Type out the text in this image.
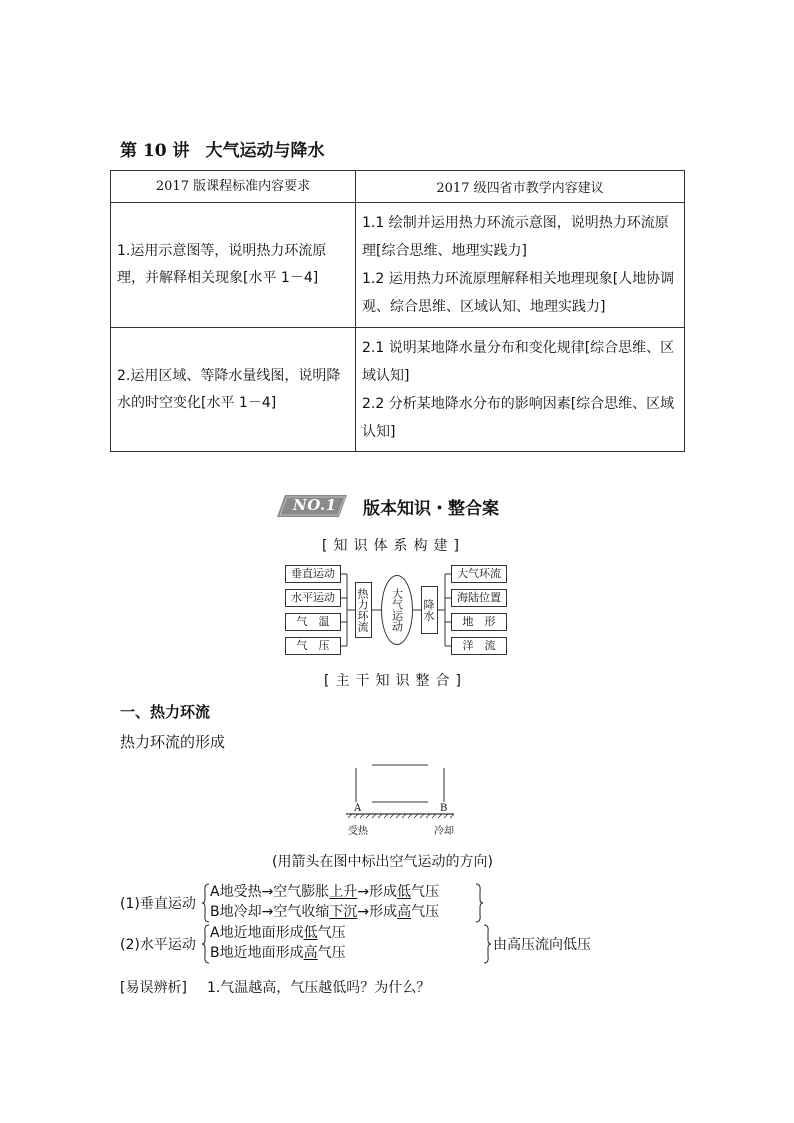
第 10 讲 大气运动与降水
2017 版课程标准内容要求	2017 级四省市教学内容建议
1.运用示意图等，说明热力环流原理，并解释相关现象[水平 1－4]	1.1 绘制并运用热力环流示意图，说明热力环流原理[综合思维、地理实践力]
1.2 运用热力环流原理解释相关地理现象[人地协调观、综合思维、区域认知、地理实践力]

2.运用区域、等降水量线图，说明降水的时空变化[水平 1－4]	2.1 说明某地降水量分布和变化规律[综合思维、区域认知]
2.2 分析某地降水分布的影响因素[综合思维、区域认知]
NO.1 版本知识・整合案
[知识体系构建]
垂直运动
水平运动
气　温
气　压
热力环流	大气运动	降水
大气环流
海陆位置
地　形
洋　流
[主干知识整合]
一、热力环流
热力环流的形成
A	B
受热	冷却
(用箭头在图中标出空气运动的方向)
(1)垂直运动
A地受热→空气膨胀上升→形成低气压
B地冷却→空气收缩下沉→形成高气压
(2)水平运动
A地近地面形成低气压
B地近地面形成高气压	由高压流向低压
[易误辨析] 1.气温越高，气压越低吗？为什么？
